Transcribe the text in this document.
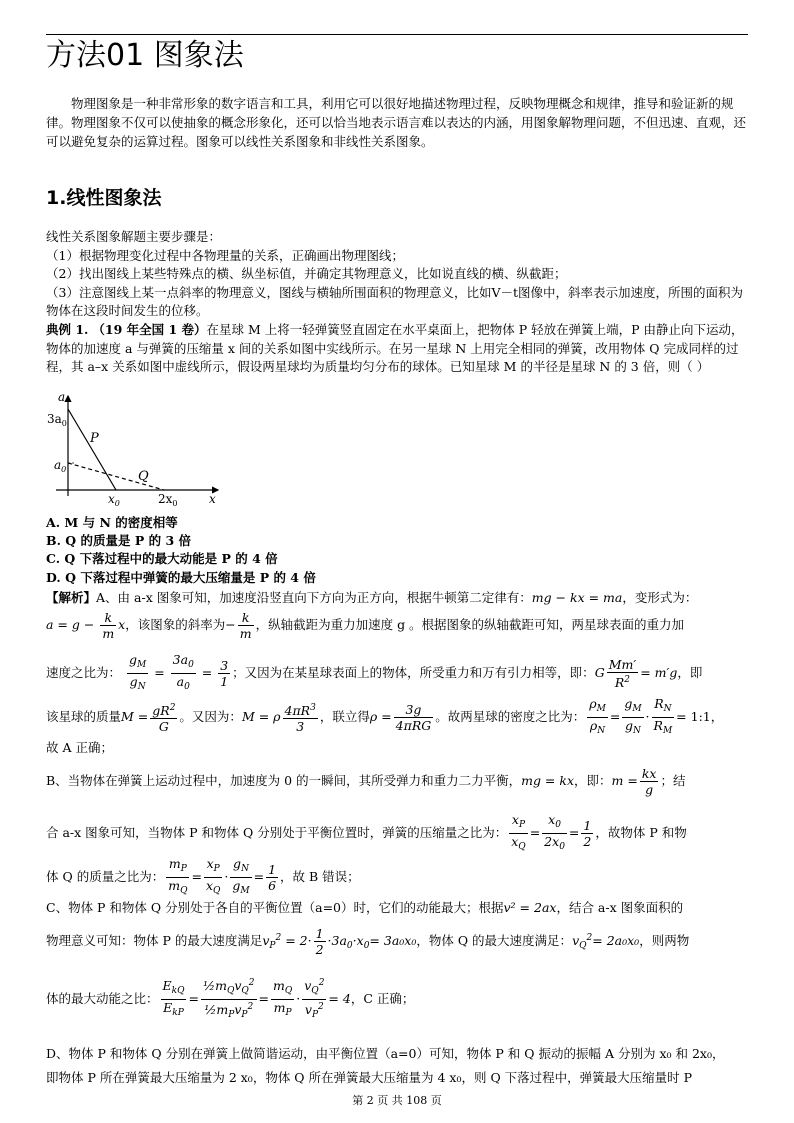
方法01 图象法

物理图象是一种非常形象的数字语言和工具，利用它可以很好地描述物理过程，反映物理概念和规律，推导和验证新的规律。物理图象不仅可以使抽象的概念形象化，还可以恰当地表示语言难以表达的内涵，用图象解物理问题，不但迅速、直观，还可以避免复杂的运算过程。图象可以线性关系图象和非线性关系图象。

1.线性图象法
线性关系图象解题主要步骤是：
（1）根据物理变化过程中各物理量的关系，正确画出物理图线；
（2）找出图线上某些特殊点的横、纵坐标值，并确定其物理意义，比如说直线的横、纵截距；
（3）注意图线上某一点斜率的物理意义，图线与横轴所围面积的物理意义，比如V－t图像中，斜率表示加速度，所围的面积为物体在这段时间发生的位移。

典例 1. （19 年全国 1 卷）在星球 M 上将一轻弹簧竖直固定在水平桌面上，把物体 P 轻放在弹簧上端，P 由静止向下运动，物体的加速度 a 与弹簧的压缩量 x 间的关系如图中实线所示。在另一星球 N 上用完全相同的弹簧，改用物体 Q 完成同样的过程，其 a–x 关系如图中虚线所示，假设两星球均为质量均匀分布的球体。已知星球 M 的半径是星球 N 的 3 倍，则（ ）

a
x
$3a_0$
$a_0$
$x_0$	$2x_0$
P
Q
A. M 与 N 的密度相等
B. Q 的质量是 P 的 3 倍
C. Q 下落过程中的最大动能是 P 的 4 倍
D. Q 下落过程中弹簧的最大压缩量是 P 的 4 倍
【解析】A、由 a-x 图象可知，加速度沿竖直向下方向为正方向，根据牛顿第二定律有：mg − kx = ma，变形式为：
$a = g - \frac{k}{m}$ x，该图象的斜率为− $\frac{k}{m}$ ，纵轴截距为重力加速度 g 。根据图象的纵轴截距可知，两星球表面的重力加
速度之比为： $\frac{g_M}{g_N} = \frac{3a_0}{a_0} = \frac{3}{1}$ ；又因为在某星球表面上的物体，所受重力和万有引力相等，即：G $\frac{Mm'}{R^2} = m'g$，即
该星球的质量$M = \frac{gR^2}{G}$ 。又因为：M = ρ $\frac{4\pi R^3}{3}$ ，联立得$\rho = \frac{3g}{\text{4πRG}}$ 。故两星球的密度之比为： $\frac{\rho_M}{\rho_N} = \frac{g_M}{g_N} \cdot \frac{R_N}{R_M}$ = 1:1，
故 A 正确；
B、当物体在弹簧上运动过程中，加速度为 0 的一瞬间，其所受弹力和重力二力平衡，mg = kx，即：$m = \frac{kx}{g}$ ；结
合 a-x 图象可知，当物体 P 和物体 Q 分别处于平衡位置时，弹簧的压缩量之比为： $\frac{x_P}{x_Q} = \frac{x_0}{2x_0} = \frac{1}{2}$ ，故物体 P 和物
体 Q 的质量之比为： $\frac{m_P}{m_Q} = \frac{x_P}{x_Q} \cdot \frac{g_N}{g_M} = \frac{1}{6}$ ，故 B 错误；
C、物体 P 和物体 Q 分别处于各自的平衡位置（a=0）时，它们的动能最大；根据v² = 2ax，结合 a-x 图象面积的
物理意义可知：物体 P 的最大速度满足$v_P^2 = 2\cdot \frac{1}{2} \cdot 3a_0\cdot x_0= 3a_0x_0$，物体 Q 的最大速度满足：$v_Q^2= 2a_0x_0$，则两物
体的最大动能之比： $\frac{E_{kQ}}{E_{kP}} = \frac{\frac{1}{2}m_Qv_Q^2}{\frac{1}{2}m_Pv_P^2} = \frac{m_Q}{m_P} \cdot \frac{v_Q^2}{v_P^2} = 4$，C 正确；
D、物体 P 和物体 Q 分别在弹簧上做简谐运动，由平衡位置（a=0）可知，物体 P 和 Q 振动的振幅 A 分别为 x₀ 和 2x₀，
即物体 P 所在弹簧最大压缩量为 2 x₀，物体 Q 所在弹簧最大压缩量为 4 x₀，则 Q 下落过程中，弹簧最大压缩量时 P
第 2 页 共 108 页
